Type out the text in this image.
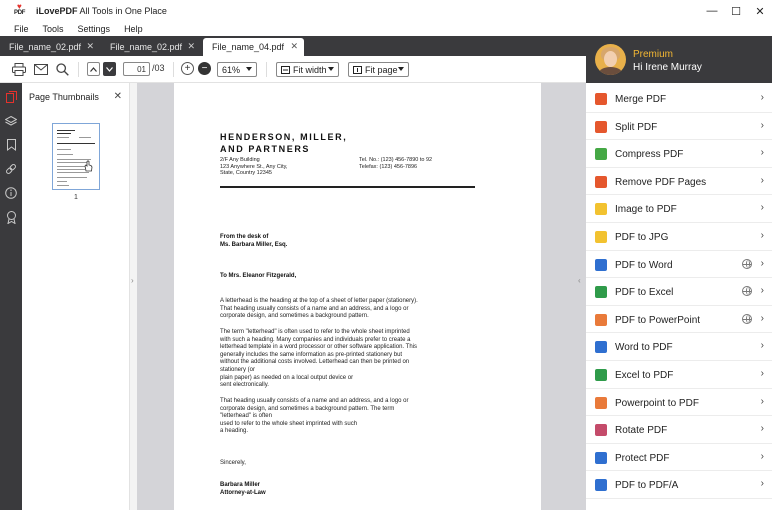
♥
PDF iLovePDF All Tools in One Place	—	☐	✕
File Tools Settings Help
File_name_02.pdf ✕ File_name_02.pdf ✕ File_name_04.pdf ✕
01 /03	+	−	61%	Fit width	Fit page
Page Thumbnails ✕
1
›
HENDERSON, MILLER,
AND PARTNERS
2/F Any Building
123 Anywhere St., Any City,
State, Country 12345
Tel. No.: (123) 456-7890 to 92
Telefax: (123) 456-7896
From the desk of
Ms. Barbara Miller, Esq.
To Mrs. Eleanor Fitzgerald,
A letterhead is the heading at the top of a sheet of letter paper (stationery).
That heading usually consists of a name and an address, and a logo or
corporate design, and sometimes a background pattern.
The term "letterhead" is often used to refer to the whole sheet imprinted
with such a heading. Many companies and individuals prefer to create a
letterhead template in a word processor or other software application. This
generally includes the same information as pre-printed stationery but
without the additional costs involved. Letterhead can then be printed on
stationery (or
plain paper) as needed on a local output device or
sent electronically.
That heading usually consists of a name and an address, and a logo or
corporate design, and sometimes a background pattern. The term
"letterhead" is often
used to refer to the whole sheet imprinted with such
a heading.
Sincerely,
Barbara Miller
Attorney-at-Law
‹
Premium
Hi Irene Murray
Merge PDF	›
Split PDF	›
Compress PDF	›
Remove PDF Pages	›
Image to PDF	›
PDF to JPG	›
PDF to Word	›
PDF to Excel	›
PDF to PowerPoint	›
Word to PDF	›
Excel to PDF	›
Powerpoint to PDF	›
Rotate PDF	›
Protect PDF	›
PDF to PDF/A	›
